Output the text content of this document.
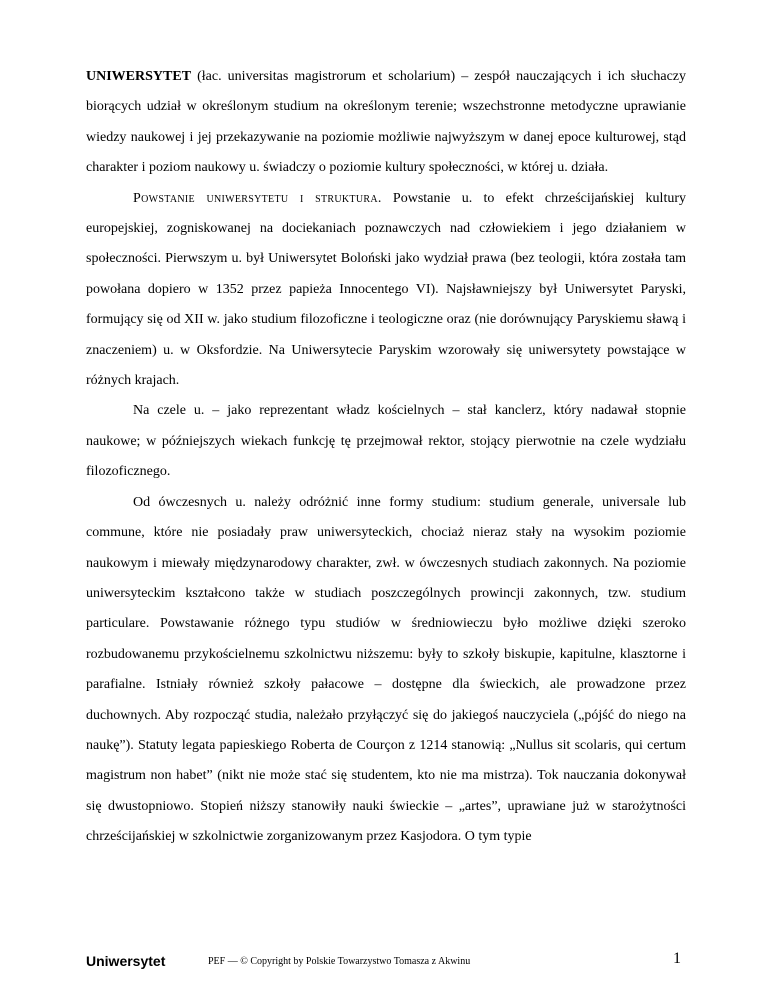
UNIWERSYTET (łac. universitas magistrorum et scholarium) – zespół nauczających i ich słuchaczy biorących udział w określonym studium na określonym terenie; wszechstronne metodyczne uprawianie wiedzy naukowej i jej przekazywanie na poziomie możliwie najwyższym w danej epoce kulturowej, stąd charakter i poziom naukowy u. świadczy o poziomie kultury społeczności, w której u. działa.

Powstanie uniwersytetu i struktura. Powstanie u. to efekt chrześcijańskiej kultury europejskiej, zogniskowanej na dociekaniach poznawczych nad człowiekiem i jego działaniem w społeczności. Pierwszym u. był Uniwersytet Boloński jako wydział prawa (bez teologii, która została tam powołana dopiero w 1352 przez papieża Innocentego VI). Najsławniejszy był Uniwersytet Paryski, formujący się od XII w. jako studium filozoficzne i teologiczne oraz (nie dorównujący Paryskiemu sławą i znaczeniem) u. w Oksfordzie. Na Uniwersytecie Paryskim wzorowały się uniwersytety powstające w różnych krajach.

Na czele u. – jako reprezentant władz kościelnych – stał kanclerz, który nadawał stopnie naukowe; w późniejszych wiekach funkcję tę przejmował rektor, stojący pierwotnie na czele wydziału filozoficznego.

Od ówczesnych u. należy odróżnić inne formy studium: studium generale, universale lub commune, które nie posiadały praw uniwersyteckich, chociaż nieraz stały na wysokim poziomie naukowym i miewały międzynarodowy charakter, zwł. w ówczesnych studiach zakonnych. Na poziomie uniwersyteckim kształcono także w studiach poszczególnych prowincji zakonnych, tzw. studium particulare. Powstawanie różnego typu studiów w średniowieczu było możliwe dzięki szeroko rozbudowanemu przykościelnemu szkolnictwu niższemu: były to szkoły biskupie, kapitulne, klasztorne i parafialne. Istniały również szkoły pałacowe – dostępne dla świeckich, ale prowadzone przez duchownych. Aby rozpocząć studia, należało przyłączyć się do jakiegoś nauczyciela („pójść do niego na naukę”). Statuty legata papieskiego Roberta de Courçon z 1214 stanowią: „Nullus sit scolaris, qui certum magistrum non habet” (nikt nie może stać się studentem, kto nie ma mistrza). Tok nauczania dokonywał się dwustopniowo. Stopień niższy stanowiły nauki świeckie – „artes”, uprawiane już w starożytności chrześcijańskiej w szkolnictwie zorganizowanym przez Kasjodora. O tym typie

Uniwersytet	PEF — © Copyright by Polskie Towarzystwo Tomasza z Akwinu	1
